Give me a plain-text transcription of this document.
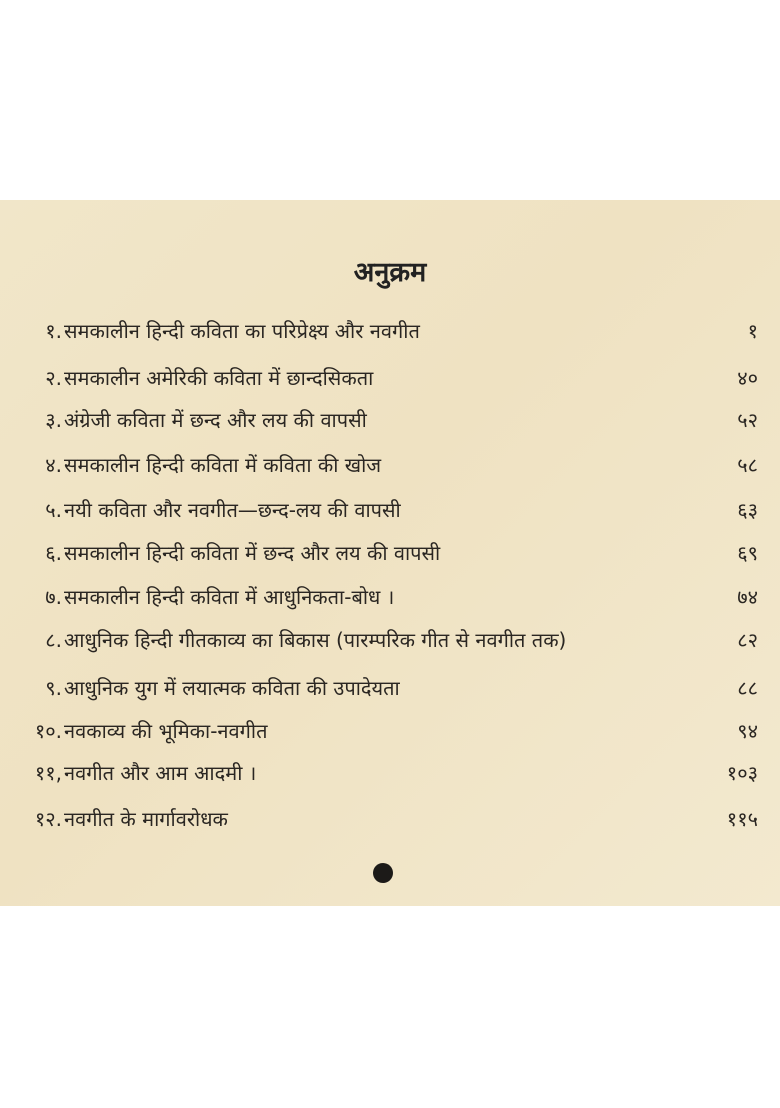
अनुक्रम
१. समकालीन हिन्दी कविता का परिप्रेक्ष्य और नवगीत	१
२. समकालीन अमेरिकी कविता में छान्दसिकता	४०
३. अंग्रेजी कविता में छन्द और लय की वापसी	५२
४. समकालीन हिन्दी कविता में कविता की खोज	५८
५. नयी कविता और नवगीत—छन्द-लय की वापसी	६३
६. समकालीन हिन्दी कविता में छन्द और लय की वापसी	६९
७. समकालीन हिन्दी कविता में आधुनिकता-बोध ।	७४
८. आधुनिक हिन्दी गीतकाव्य का बिकास (पारम्परिक गीत से नवगीत तक)	८२
९. आधुनिक युग में लयात्मक कविता की उपादेयता	८८
१०. नवकाव्य की भूमिका-नवगीत	९४
११, नवगीत और आम आदमी ।	१०३
१२. नवगीत के मार्गावरोधक	११५
